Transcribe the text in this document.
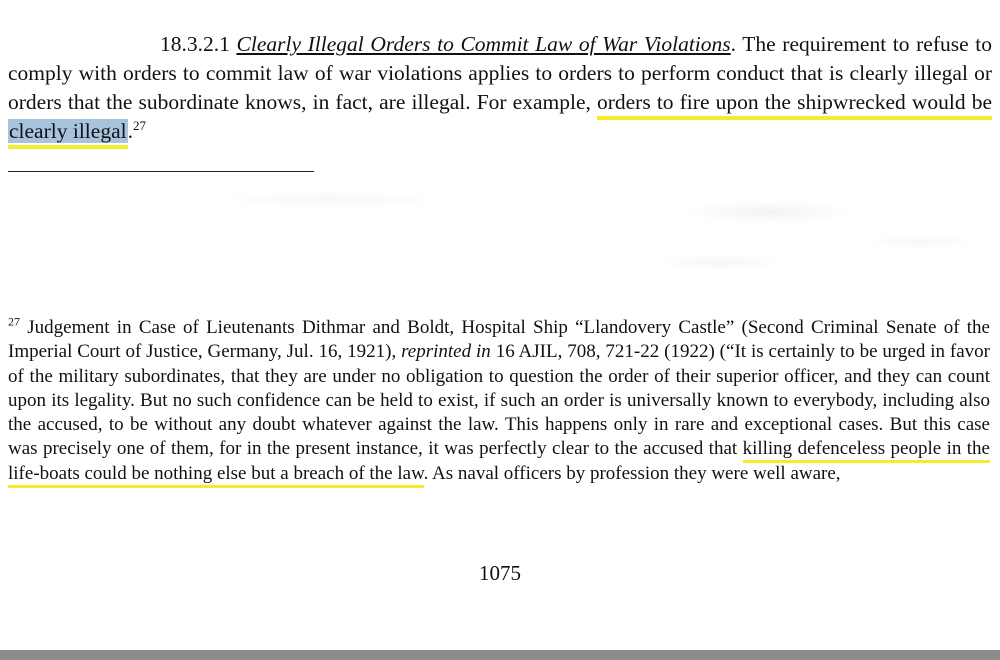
18.3.2.1 Clearly Illegal Orders to Commit Law of War Violations. The requirement to refuse to comply with orders to commit law of war violations applies to orders to perform conduct that is clearly illegal or orders that the subordinate knows, in fact, are illegal. For example, orders to fire upon the shipwrecked would be clearly illegal.$^{27}$

$^{27}$ Judgement in Case of Lieutenants Dithmar and Boldt, Hospital Ship “Llandovery Castle” (Second Criminal Senate of the Imperial Court of Justice, Germany, Jul. 16, 1921), reprinted in 16 AJIL, 708, 721-22 (1922) (“It is certainly to be urged in favor of the military subordinates, that they are under no obligation to question the order of their superior officer, and they can count upon its legality. But no such confidence can be held to exist, if such an order is universally known to everybody, including also the accused, to be without any doubt whatever against the law. This happens only in rare and exceptional cases. But this case was precisely one of them, for in the present instance, it was perfectly clear to the accused that killing defenceless people in the life-boats could be nothing else but a breach of the law. As naval officers by profession they were well aware,

1075
